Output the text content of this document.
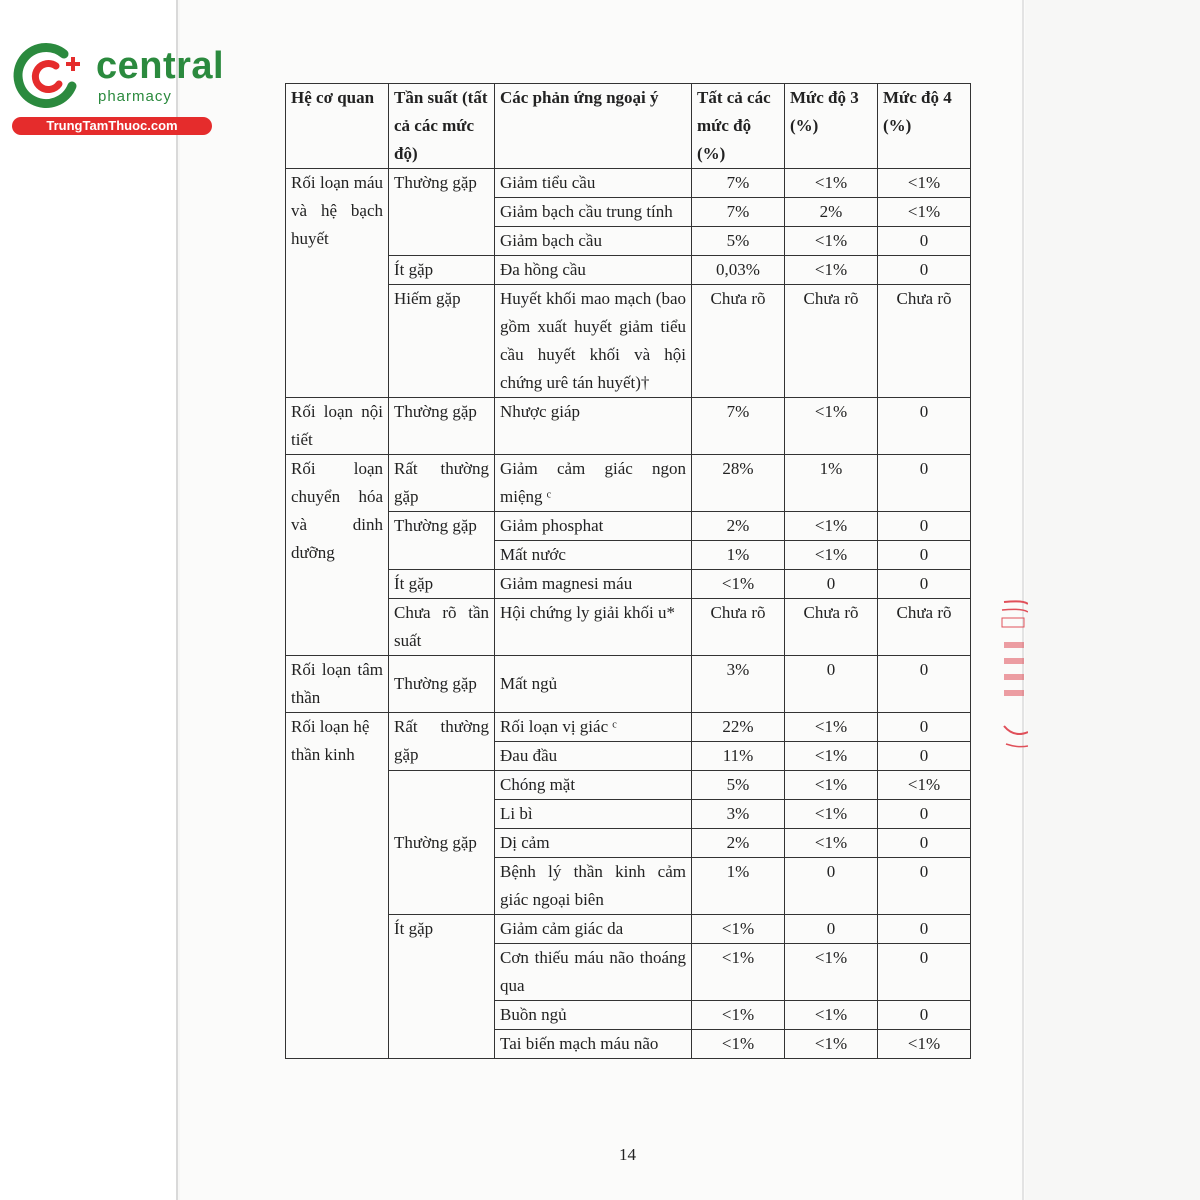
central
pharmacy
TrungTamThuoc.com
Hệ cơ quan	Tần suất (tất cả các mức độ)	Các phản ứng ngoại ý	Tất cả các mức độ (%)	Mức độ 3 (%)	Mức độ 4 (%)
Rối loạn máu và hệ bạch huyết	Thường gặp	Giảm tiểu cầu	7%	<1%	<1%
		Giảm bạch cầu trung tính	7%	2%	<1%
		Giảm bạch cầu	5%	<1%	0
	Ít gặp	Đa hồng cầu	0,03%	<1%	0
	Hiếm gặp	Huyết khối mao mạch (bao gồm xuất huyết giảm tiểu cầu huyết khối và hội chứng urê tán huyết)†	Chưa rõ	Chưa rõ	Chưa rõ
Rối loạn nội tiết	Thường gặp	Nhược giáp	7%	<1%	0
Rối loạn chuyển hóa và dinh dưỡng	Rất thường gặp	Giảm cảm giác ngon miệng ᶜ	28%	1%	0
	Thường gặp	Giảm phosphat	2%	<1%	0
		Mất nước	1%	<1%	0
	Ít gặp	Giảm magnesi máu	<1%	0	0
	Chưa rõ tần suất	Hội chứng ly giải khối u*	Chưa rõ	Chưa rõ	Chưa rõ
Rối loạn tâm thần	Thường gặp	Mất ngủ	3%	0	0
Rối loạn hệ thần kinh	Rất thường gặp	Rối loạn vị giác ᶜ	22%	<1%	0
		Đau đầu	11%	<1%	0
	Thường gặp	Chóng mặt	5%	<1%	<1%
		Li bì	3%	<1%	0
		Dị cảm	2%	<1%	0
		Bệnh lý thần kinh cảm giác ngoại biên	1%	0	0
	Ít gặp	Giảm cảm giác da	<1%	0	0
		Cơn thiếu máu não thoáng qua	<1%	<1%	0
		Buồn ngủ	<1%	<1%	0
		Tai biến mạch máu não	<1%	<1%	<1%
14
